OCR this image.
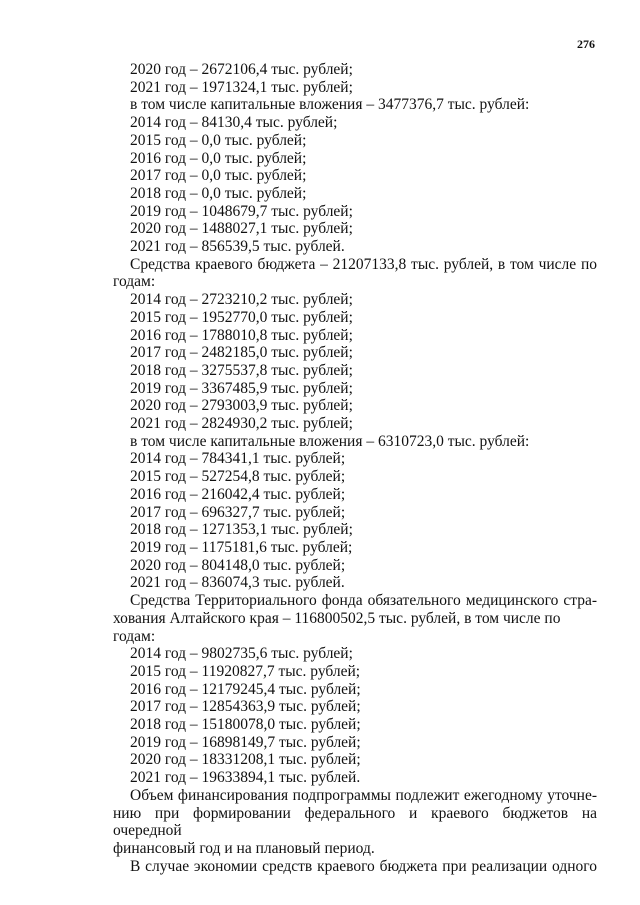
276

2020 год – 2672106,4 тыс. рублей;

2021 год – 1971324,1 тыс. рублей;

в том числе капитальные вложения – 3477376,7 тыс. рублей:

2014 год – 84130,4 тыс. рублей;

2015 год – 0,0 тыс. рублей;

2016 год – 0,0 тыс. рублей;

2017 год – 0,0 тыс. рублей;

2018 год – 0,0 тыс. рублей;

2019 год – 1048679,7 тыс. рублей;

2020 год – 1488027,1 тыс. рублей;

2021 год – 856539,5 тыс. рублей.

Средства краевого бюджета – 21207133,8 тыс. рублей, в том числе по

годам:

2014 год – 2723210,2 тыс. рублей;

2015 год – 1952770,0 тыс. рублей;

2016 год – 1788010,8 тыс. рублей;

2017 год – 2482185,0 тыс. рублей;

2018 год – 3275537,8 тыс. рублей;

2019 год – 3367485,9 тыс. рублей;

2020 год – 2793003,9 тыс. рублей;

2021 год – 2824930,2 тыс. рублей;

в том числе капитальные вложения – 6310723,0 тыс. рублей:

2014 год – 784341,1 тыс. рублей;

2015 год – 527254,8 тыс. рублей;

2016 год – 216042,4 тыс. рублей;

2017 год – 696327,7 тыс. рублей;

2018 год – 1271353,1 тыс. рублей;

2019 год – 1175181,6 тыс. рублей;

2020 год – 804148,0 тыс. рублей;

2021 год – 836074,3 тыс. рублей.

Средства Территориального фонда обязательного медицинского стра-

хования Алтайского края – 116800502,5 тыс. рублей, в том числе по годам:

2014 год – 9802735,6 тыс. рублей;

2015 год – 11920827,7 тыс. рублей;

2016 год – 12179245,4 тыс. рублей;

2017 год – 12854363,9 тыс. рублей;

2018 год – 15180078,0 тыс. рублей;

2019 год – 16898149,7 тыс. рублей;

2020 год – 18331208,1 тыс. рублей;

2021 год – 19633894,1 тыс. рублей.

Объем финансирования подпрограммы подлежит ежегодному уточне-

нию при формировании федерального и краевого бюджетов на очередной

финансовый год и на плановый период.

В случае экономии средств краевого бюджета при реализации одного
